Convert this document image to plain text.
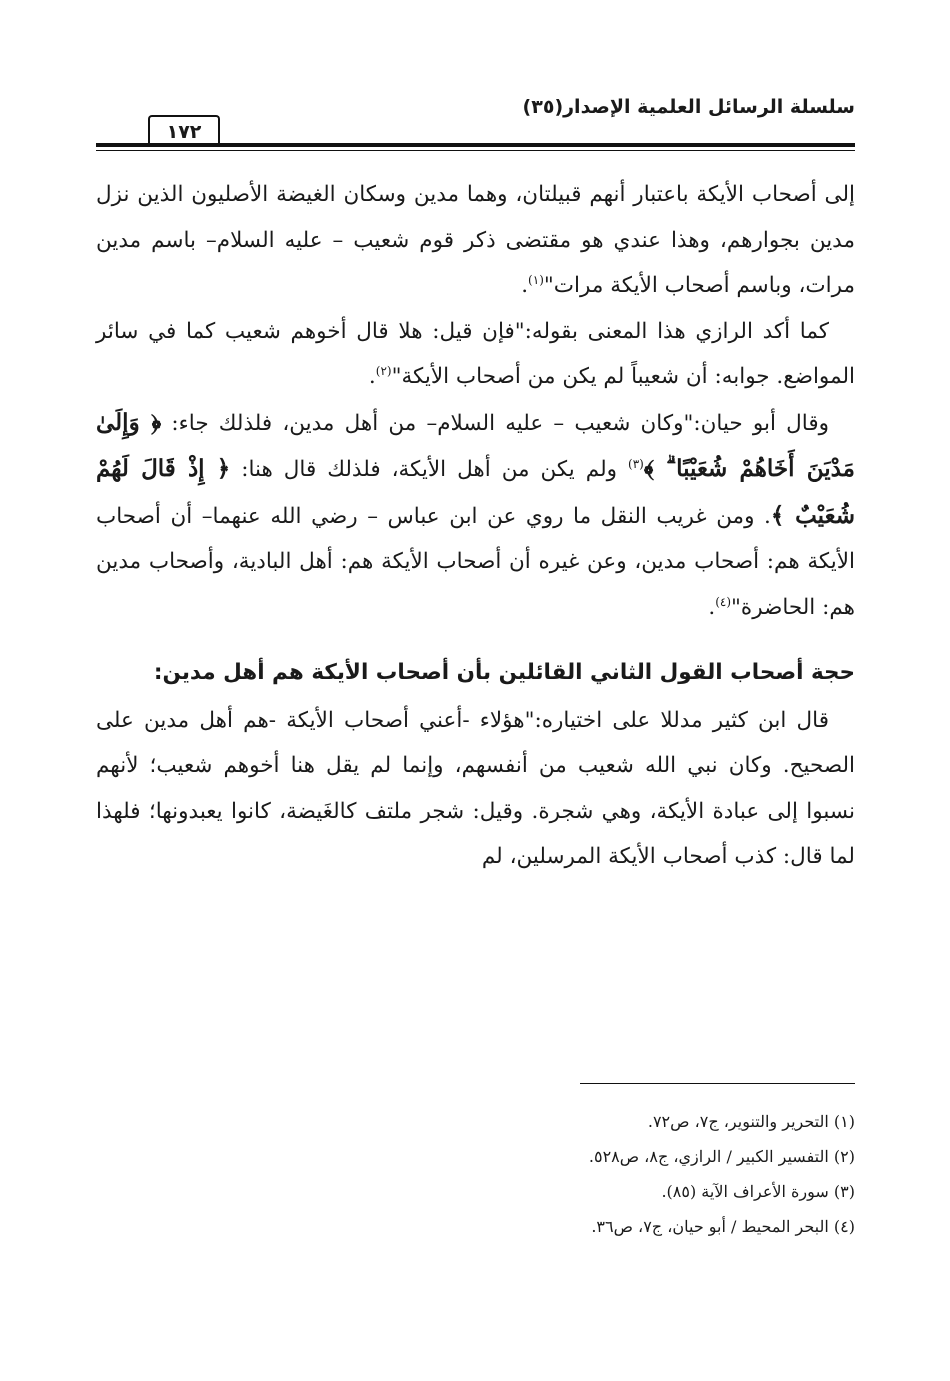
سلسلة الرسائل العلمية الإصدار(٣٥)
١٧٢

إلى أصحاب الأيكة باعتبار أنهم قبيلتان، وهما مدين وسكان الغيضة الأصليون الذين نزل مدين بجوارهم، وهذا عندي هو مقتضى ذكر قوم شعيب – عليه السلام– باسم مدين مرات، وباسم أصحاب الأيكة مرات"$^{(١)}$.

كما أكد الرازي هذا المعنى بقوله:"فإن قيل: هلا قال أخوهم شعيب كما في سائر المواضع. جوابه: أن شعيباً لم يكن من أصحاب الأيكة"$^{(٢)}$.

وقال أبو حيان:"وكان شعيب – عليه السلام– من أهل مدين، فلذلك جاء: ﴿ وَإِلَىٰ مَدْيَنَ أَخَاهُمْ شُعَيْبًا ۗ ﴾$^{(٣)}$ ولم يكن من أهل الأيكة، فلذلك قال هنا: ﴿ إِذْ قَالَ لَهُمْ شُعَيْبٌ ﴾. ومن غريب النقل ما روي عن ابن عباس – رضي الله عنهما– أن أصحاب الأيكة هم: أصحاب مدين، وعن غيره أن أصحاب الأيكة هم: أهل البادية، وأصحاب مدين هم: الحاضرة"$^{(٤)}$.

حجة أصحاب القول الثاني القائلين بأن أصحاب الأيكة هم أهل مدين:

قال ابن كثير مدللا على اختياره:"هؤلاء -أعني أصحاب الأيكة -هم أهل مدين على الصحيح. وكان نبي الله شعيب من أنفسهم، وإنما لم يقل هنا أخوهم شعيب؛ لأنهم نسبوا إلى عبادة الأيكة، وهي شجرة. وقيل: شجر ملتف كالغَيضة، كانوا يعبدونها؛ فلهذا لما قال: كذب أصحاب الأيكة المرسلين، لم

(١) التحرير والتنوير، ج٧، ص٧٢.
(٢) التفسير الكبير / الرازي، ج٨، ص٥٢٨.
(٣) سورة الأعراف الآية (٨٥).
(٤) البحر المحيط / أبو حيان، ج٧، ص٣٦.
